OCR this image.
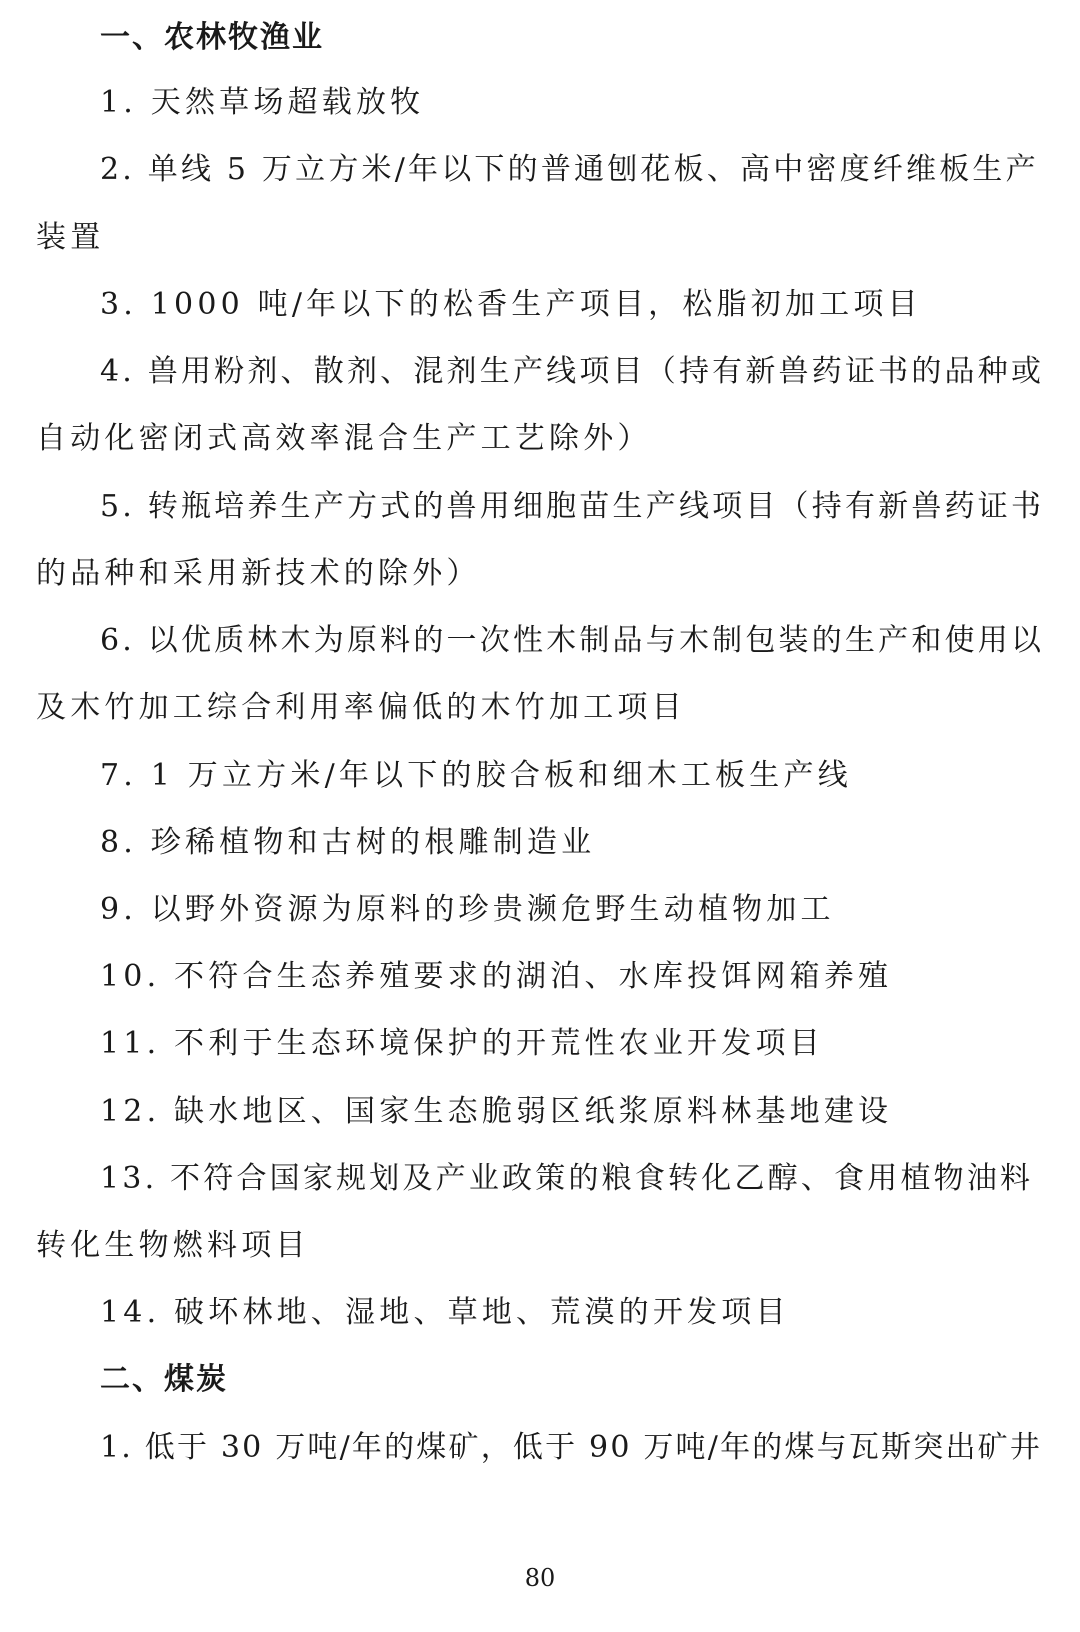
一、农林牧渔业
1. 天然草场超载放牧
2. 单线 5 万立方米/年以下的普通刨花板、高中密度纤维板生产
装置
3. 1000 吨/年以下的松香生产项目，松脂初加工项目
4. 兽用粉剂、散剂、混剂生产线项目（持有新兽药证书的品种或
自动化密闭式高效率混合生产工艺除外）
5. 转瓶培养生产方式的兽用细胞苗生产线项目（持有新兽药证书
的品种和采用新技术的除外）
6. 以优质林木为原料的一次性木制品与木制包装的生产和使用以
及木竹加工综合利用率偏低的木竹加工项目
7. 1 万立方米/年以下的胶合板和细木工板生产线
8. 珍稀植物和古树的根雕制造业
9. 以野外资源为原料的珍贵濒危野生动植物加工
10. 不符合生态养殖要求的湖泊、水库投饵网箱养殖
11. 不利于生态环境保护的开荒性农业开发项目
12. 缺水地区、国家生态脆弱区纸浆原料林基地建设
13. 不符合国家规划及产业政策的粮食转化乙醇、食用植物油料
转化生物燃料项目
14. 破坏林地、湿地、草地、荒漠的开发项目
二、煤炭
1. 低于 30 万吨/年的煤矿，低于 90 万吨/年的煤与瓦斯突出矿井
80
